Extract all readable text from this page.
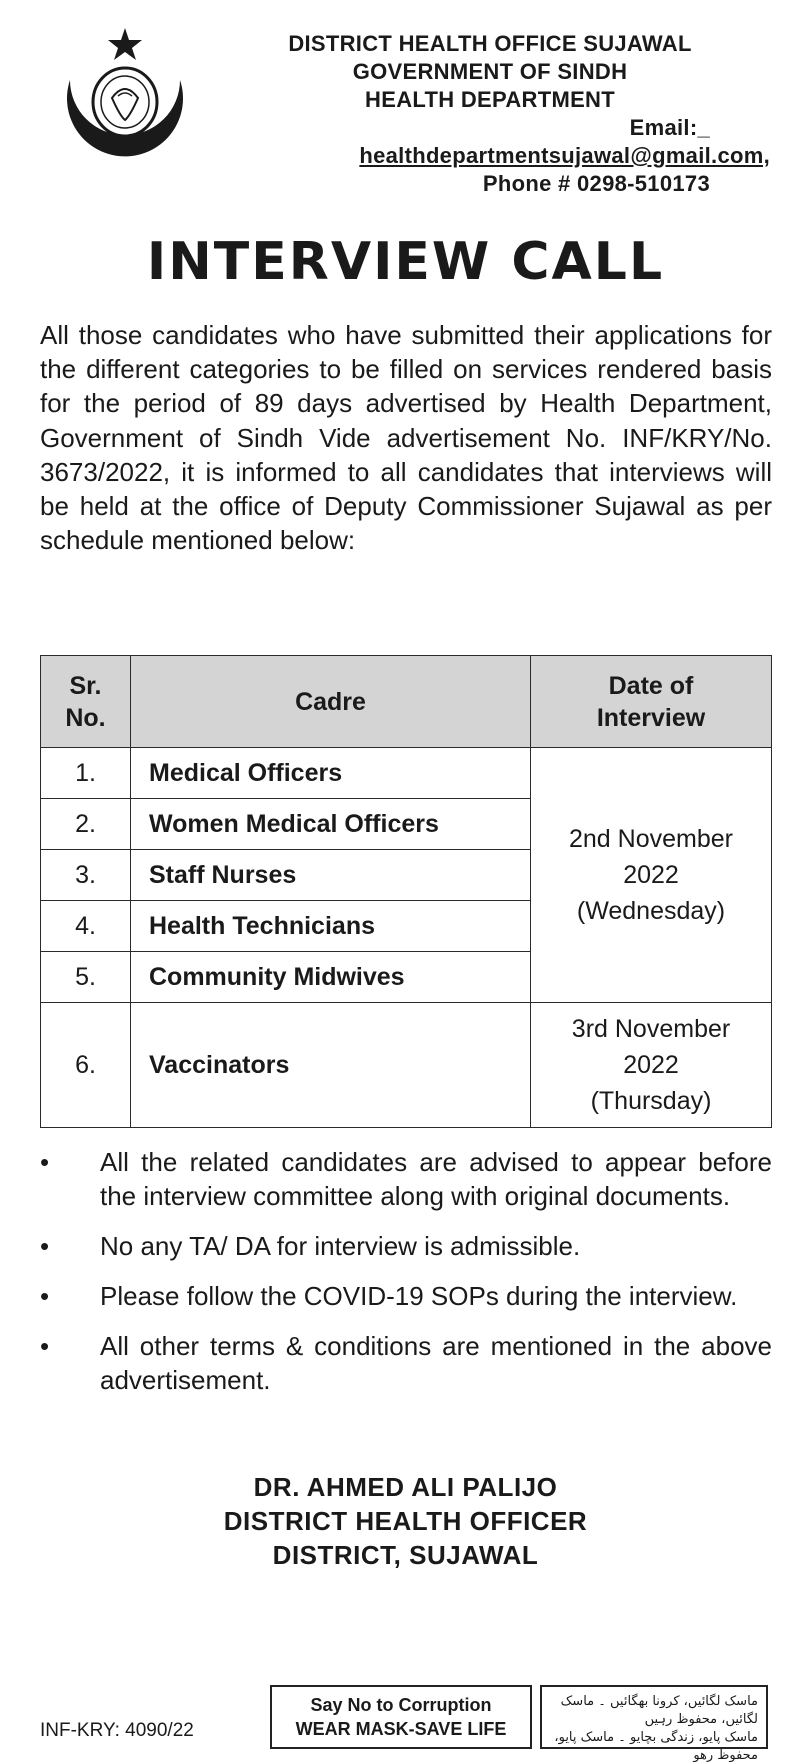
DISTRICT HEALTH OFFICE SUJAWAL
GOVERNMENT OF SINDH
HEALTH DEPARTMENT
Email:_
healthdepartmentsujawal@gmail.com,
Phone # 0298-510173
INTERVIEW CALL

All those candidates who have submitted their applications for the different categories to be filled on services rendered basis for the period of 89 days advertised by Health Department, Government of Sindh Vide advertisement No. INF/KRY/No. 3673/2022, it is informed to all candidates that interviews will be held at the office of Deputy Commissioner Sujawal as per schedule mentioned below:

Sr.
No.	Cadre	Date of
Interview
1.	Medical Officers	2nd November
2022
(Wednesday)
2.	Women Medical Officers	
3.	Staff Nurses	
4.	Health Technicians	
5.	Community Midwives	
6.	Vaccinators	3rd November
2022
(Thursday)
•	All the related candidates are advised to appear before the interview committee along with original documents.
•	No any TA/ DA for interview is admissible.
•	Please follow the COVID-19 SOPs during the interview.
•	All other terms & conditions are mentioned in the above advertisement.
DR. AHMED ALI PALIJO
DISTRICT HEALTH OFFICER
DISTRICT, SUJAWAL
INF-KRY: 4090/22
Say No to Corruption
WEAR MASK-SAVE LIFE
ماسک لگائیں، کرونا بھگائیں ۔ ماسک لگائیں، محفوظ رہیں
ماسک پایو، زندگی بچایو ۔ ماسک پایو، محفوظ رھو
